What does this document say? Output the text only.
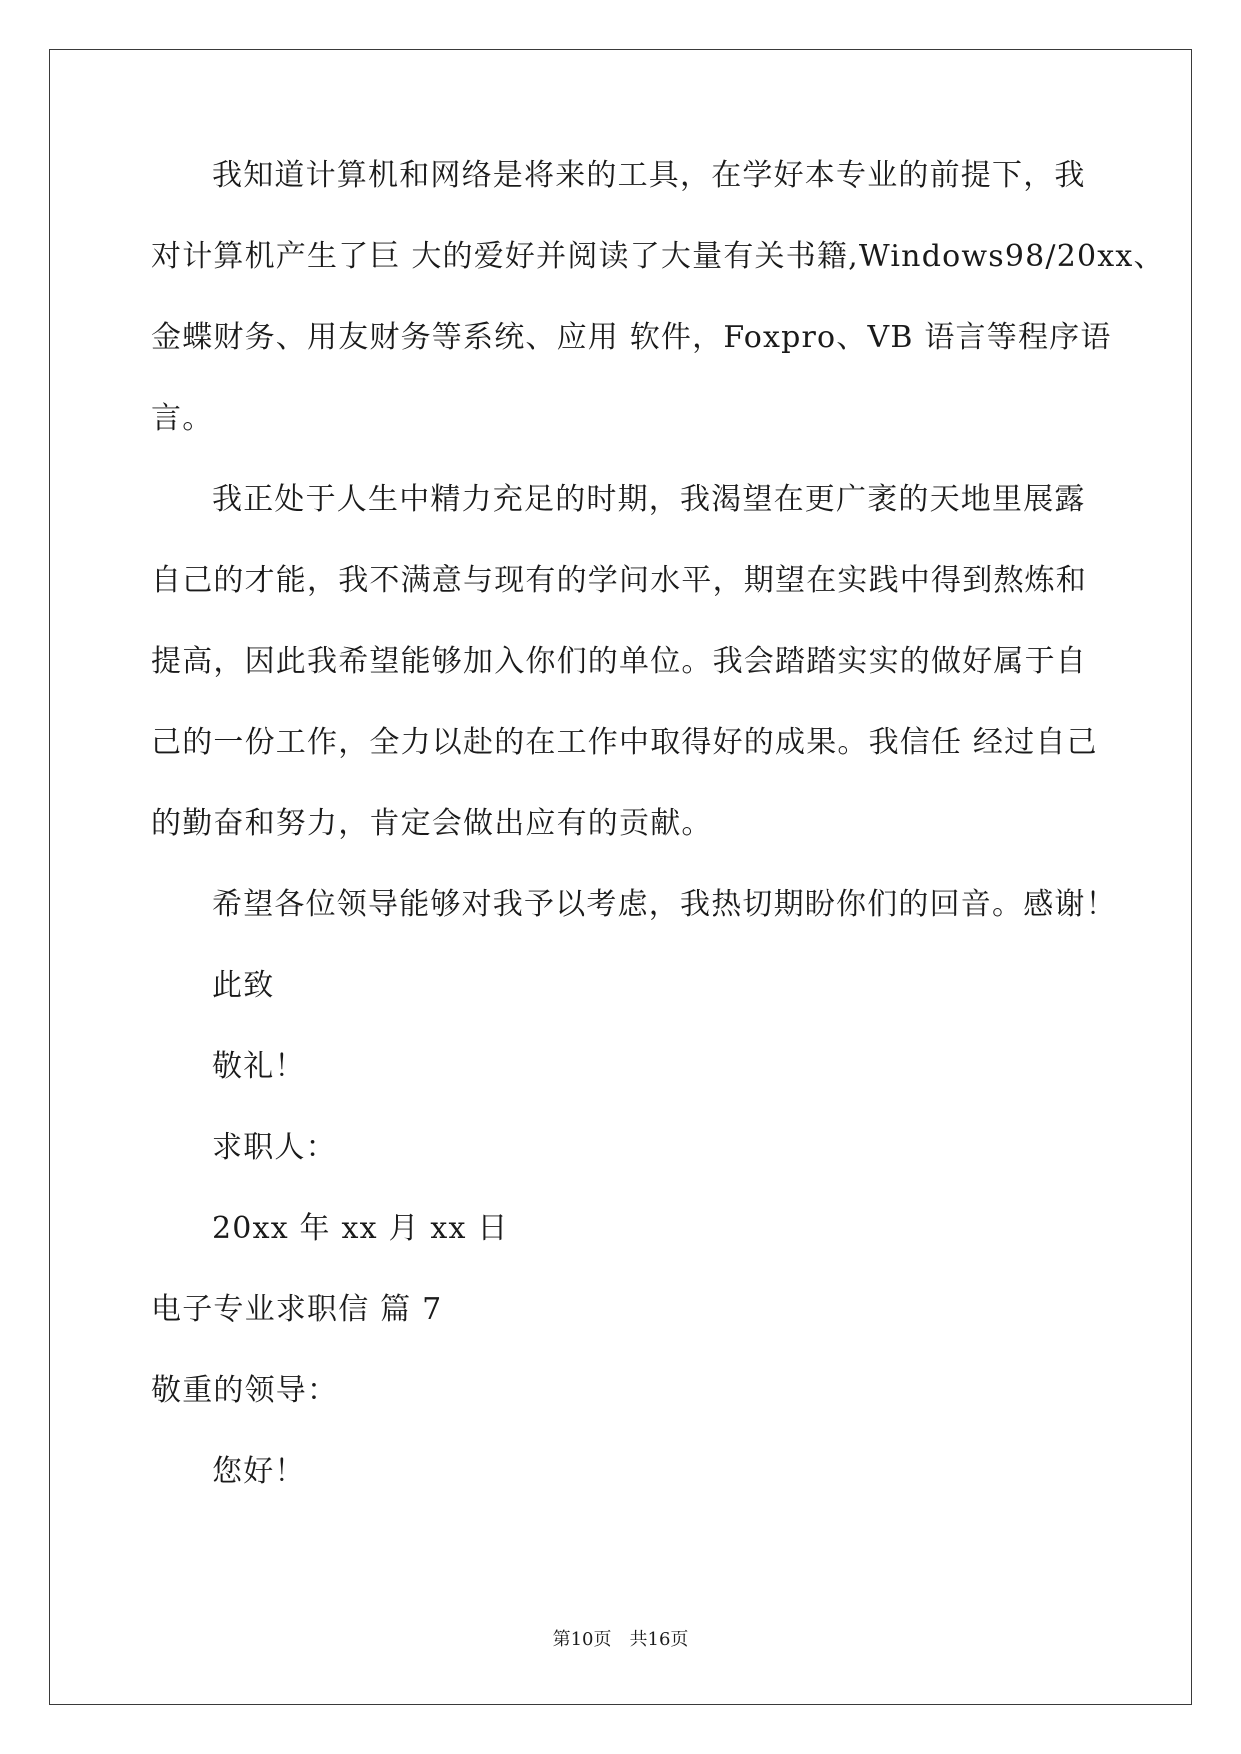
我知道计算机和网络是将来的工具，在学好本专业的前提下，我
对计算机产生了巨 大的爱好并阅读了大量有关书籍,Windows98/20xx、
金蝶财务、用友财务等系统、应用 软件，Foxpro、VB 语言等程序语
言。
我正处于人生中精力充足的时期，我渴望在更广袤的天地里展露
自己的才能，我不满意与现有的学问水平，期望在实践中得到熬炼和
提高，因此我希望能够加入你们的单位。我会踏踏实实的做好属于自
己的一份工作，全力以赴的在工作中取得好的成果。我信任 经过自己
的勤奋和努力，肯定会做出应有的贡献。
希望各位领导能够对我予以考虑，我热切期盼你们的回音。感谢！
此致
敬礼！
求职人：
20xx 年 xx 月 xx 日
电子专业求职信 篇 7
敬重的领导：
您好！
第10页　共16页
